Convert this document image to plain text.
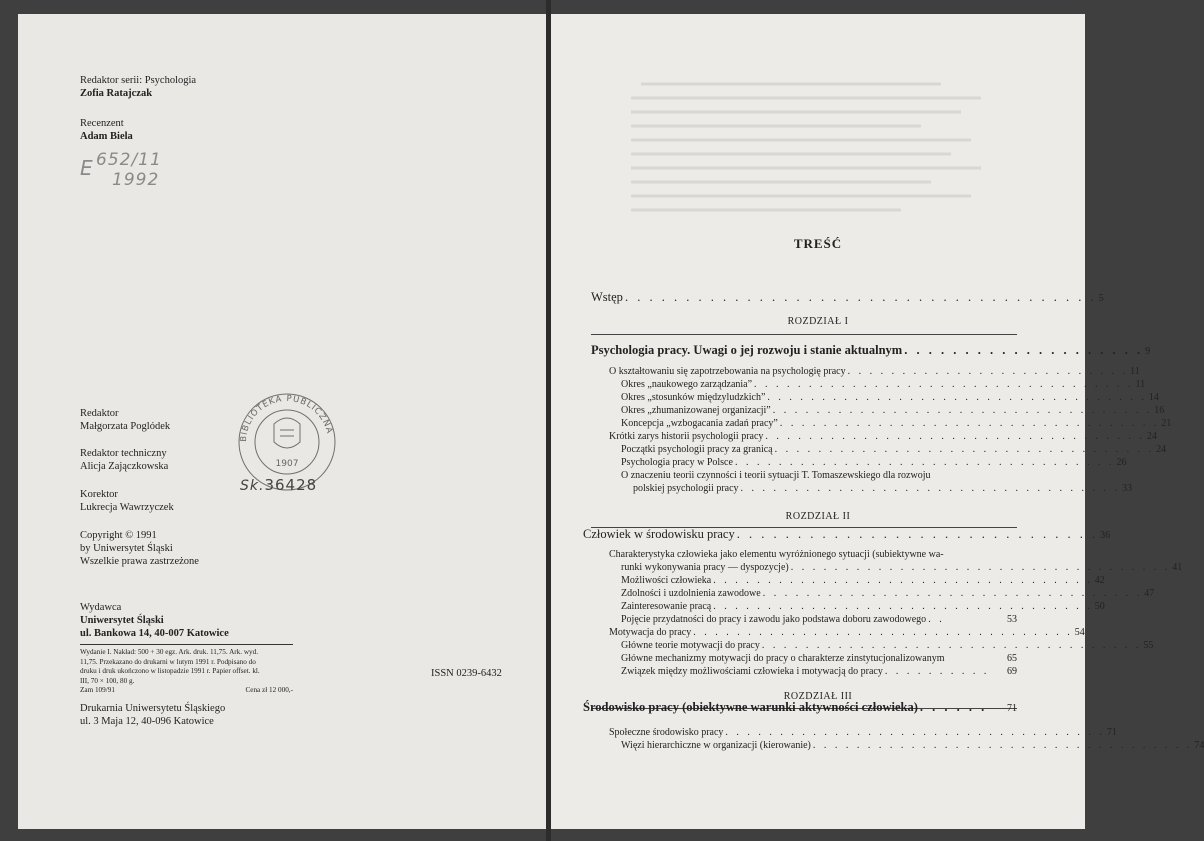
Redaktor serii: Psychologia
Zofia Ratajczak
Recenzent
Adam Biela
E 652/11
1992
BIBLIOTEKA PUBLICZNA
1907
Sk.36428
Redaktor
Małgorzata Poglódek
Redaktor techniczny
Alicja Zajączkowska
Korektor
Lukrecja Wawrzyczek
Copyright © 1991
by Uniwersytet Śląski
Wszelkie prawa zastrzeżone
Wydawca
Uniwersytet Śląski
ul. Bankowa 14, 40-007 Katowice
Wydanie I. Nakład: 500 + 30 egz. Ark. druk. 11,75. Ark. wyd.
11,75. Przekazano do drukarni w lutym 1991 r. Podpisano do
druku i druk ukończono w listopadzie 1991 r. Papier offset. kl.
III, 70 × 100, 80 g.
Zam 109/91	Cena zł 12 000,-
Drukarnia Uniwersytetu Śląskiego
ul. 3 Maja 12, 40-096 Katowice
ISSN 0239-6432
TREŚĆ
Wstęp . . . . . . . . . . . . . . . . . . . . . . . . . . . . . . . . . . . . . . . 5
ROZDZIAŁ I
Psychologia pracy. Uwagi o jej rozwoju i stanie aktualnym . . . . . . . . . . . . . . . . . . . . 9
O kształtowaniu się zapotrzebowania na psychologię pracy . . . . . . . . . . . . . . . . . . . . . . . . . . 11
Okres „naukowego zarządzania” . . . . . . . . . . . . . . . . . . . . . . . . . . . . . . . . . . . 11
Okres „stosunków międzyludzkich” . . . . . . . . . . . . . . . . . . . . . . . . . . . . . . . . . . . 14
Okres „zhumanizowanej organizacji” . . . . . . . . . . . . . . . . . . . . . . . . . . . . . . . . . . . 16
Koncepcja „wzbogacania zadań pracy” . . . . . . . . . . . . . . . . . . . . . . . . . . . . . . . . . . . 21
Krótki zarys historii psychologii pracy . . . . . . . . . . . . . . . . . . . . . . . . . . . . . . . . . . . 24
Początki psychologii pracy za granicą . . . . . . . . . . . . . . . . . . . . . . . . . . . . . . . . . . . 24
Psychologia pracy w Polsce . . . . . . . . . . . . . . . . . . . . . . . . . . . . . . . . . . . 26
O znaczeniu teorii czynności i teorii sytuacji T. Tomaszewskiego dla rozwoju
polskiej psychologii pracy . . . . . . . . . . . . . . . . . . . . . . . . . . . . . . . . . . . 33
ROZDZIAŁ II
Człowiek w środowisku pracy . . . . . . . . . . . . . . . . . . . . . . . . . . . . . . 36
Charakterystyka człowieka jako elementu wyróżnionego sytuacji (subiektywne wa-
runki wykonywania pracy — dyspozycje) . . . . . . . . . . . . . . . . . . . . . . . . . . . . . . . . . . . 41
Możliwości człowieka . . . . . . . . . . . . . . . . . . . . . . . . . . . . . . . . . . . 42
Zdolności i uzdolnienia zawodowe . . . . . . . . . . . . . . . . . . . . . . . . . . . . . . . . . . . 47
Zainteresowanie pracą . . . . . . . . . . . . . . . . . . . . . . . . . . . . . . . . . . . 50
Pojęcie przydatności do pracy i zawodu jako podstawa doboru zawodowego . .	53
Motywacja do pracy . . . . . . . . . . . . . . . . . . . . . . . . . . . . . . . . . . . 54
Główne teorie motywacji do pracy . . . . . . . . . . . . . . . . . . . . . . . . . . . . . . . . . . . 55
Główne mechanizmy motywacji do pracy o charakterze zinstytucjonalizowanym	65
Związek między możliwościami człowieka i motywacją do pracy . . . . . . . . . .	69
ROZDZIAŁ III
Środowisko pracy (obiektywne warunki aktywności człowieka) . . . . . .	71
Społeczne środowisko pracy . . . . . . . . . . . . . . . . . . . . . . . . . . . . . . . . . . . 71
Więzi hierarchiczne w organizacji (kierowanie) . . . . . . . . . . . . . . . . . . . . . . . . . . . . . . . . . . . 74
